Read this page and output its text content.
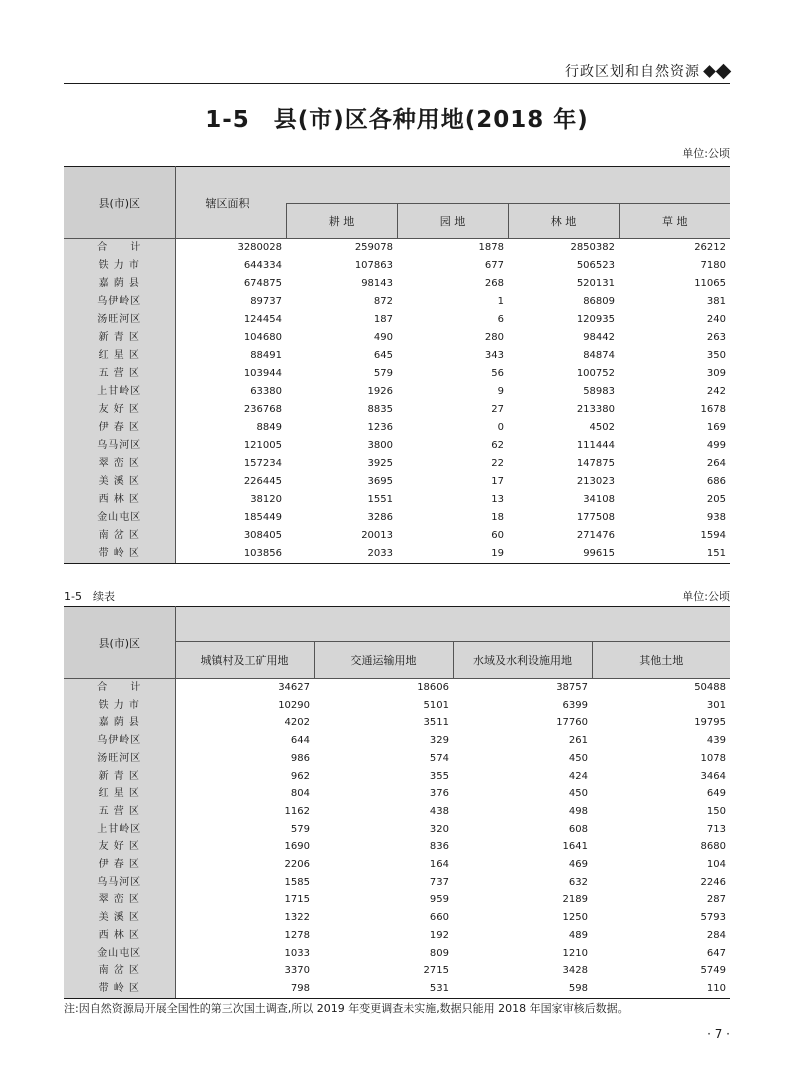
行政区划和自然资源
1-5　县(市)区各种用地(2018 年)
单位:公顷
县(市)区	辖区面积				
		耕 地	园 地	林 地	草 地
合　　计	3280028	259078	1878	2850382	26212
铁 力 市	644334	107863	677	506523	7180
嘉 荫 县	674875	98143	268	520131	11065
乌伊岭区	89737	872	1	86809	381
汤旺河区	124454	187	6	120935	240
新 青 区	104680	490	280	98442	263
红 星 区	88491	645	343	84874	350
五 营 区	103944	579	56	100752	309
上甘岭区	63380	1926	9	58983	242
友 好 区	236768	8835	27	213380	1678
伊 春 区	8849	1236	0	4502	169
乌马河区	121005	3800	62	111444	499
翠 峦 区	157234	3925	22	147875	264
美 溪 区	226445	3695	17	213023	686
西 林 区	38120	1551	13	34108	205
金山屯区	185449	3286	18	177508	938
南 岔 区	308405	20013	60	271476	1594
带 岭 区	103856	2033	19	99615	151
1-5　续表	单位:公顷
县(市)区				
	城镇村及工矿用地	交通运输用地	水域及水利设施用地	其他土地
合　　计	34627	18606	38757	50488
铁 力 市	10290	5101	6399	301
嘉 荫 县	4202	3511	17760	19795
乌伊岭区	644	329	261	439
汤旺河区	986	574	450	1078
新 青 区	962	355	424	3464
红 星 区	804	376	450	649
五 营 区	1162	438	498	150
上甘岭区	579	320	608	713
友 好 区	1690	836	1641	8680
伊 春 区	2206	164	469	104
乌马河区	1585	737	632	2246
翠 峦 区	1715	959	2189	287
美 溪 区	1322	660	1250	5793
西 林 区	1278	192	489	284
金山屯区	1033	809	1210	647
南 岔 区	3370	2715	3428	5749
带 岭 区	798	531	598	110
注:因自然资源局开展全国性的第三次国土调查,所以 2019 年变更调查未实施,数据只能用 2018 年国家审核后数据。
· 7 ·
